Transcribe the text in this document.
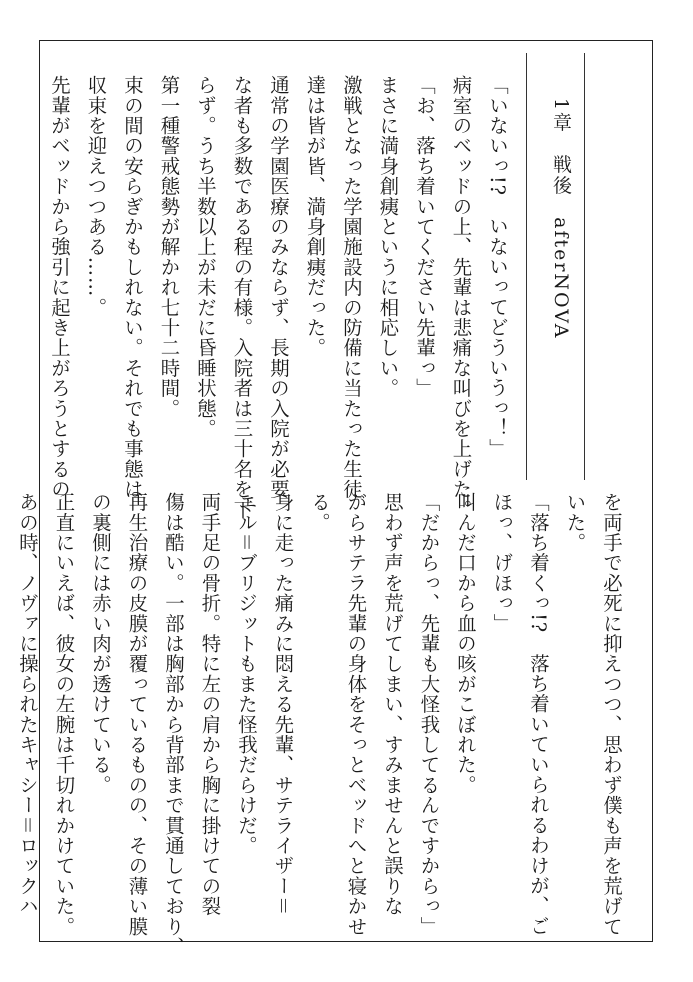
1章　戦後　afterNOVA
「いないっ!?　いないってどういうっ！」
病室のベッドの上、先輩は悲痛な叫びを上げた。
「お、落ち着いてください先輩っ」
まさに満身創痍というに相応しい。
激戦となった学園施設内の防備に当たった生徒
達は皆が皆、満身創痍だった。
通常の学園医療のみならず、長期の入院が必要
な者も多数である程の有様。入院者は三十名を下
らず。うち半数以上が未だに昏睡状態。
第一種警戒態勢が解かれ七十二時間。
束の間の安らぎかもしれない。それでも事態は
収束を迎えつつある……。
先輩がベッドから強引に起き上がろうとするの
を両手で必死に抑えつつ、思わず僕も声を荒げて
いた。
「落ち着くっ!?　落ち着いていられるわけが、ご
ほっ、げほっ」
叫んだ口から血の咳がこぼれた。
「だからっ、先輩も大怪我してるんですからっ」
思わず声を荒げてしまい、すみませんと誤りな
がらサテラ先輩の身体をそっとベッドへと寝かせ
る。
身に走った痛みに悶える先輩、サテライザー＝
エル＝ブリジットもまた怪我だらけだ。
両手足の骨折。特に左の肩から胸に掛けての裂
傷は酷い。一部は胸部から背部まで貫通しており、
再生治療の皮膜が覆っているものの、その薄い膜
の裏側には赤い肉が透けている。
正直にいえば、彼女の左腕は千切れかけていた。
あの時、ノヴァに操られたキャシー＝ロックハ
